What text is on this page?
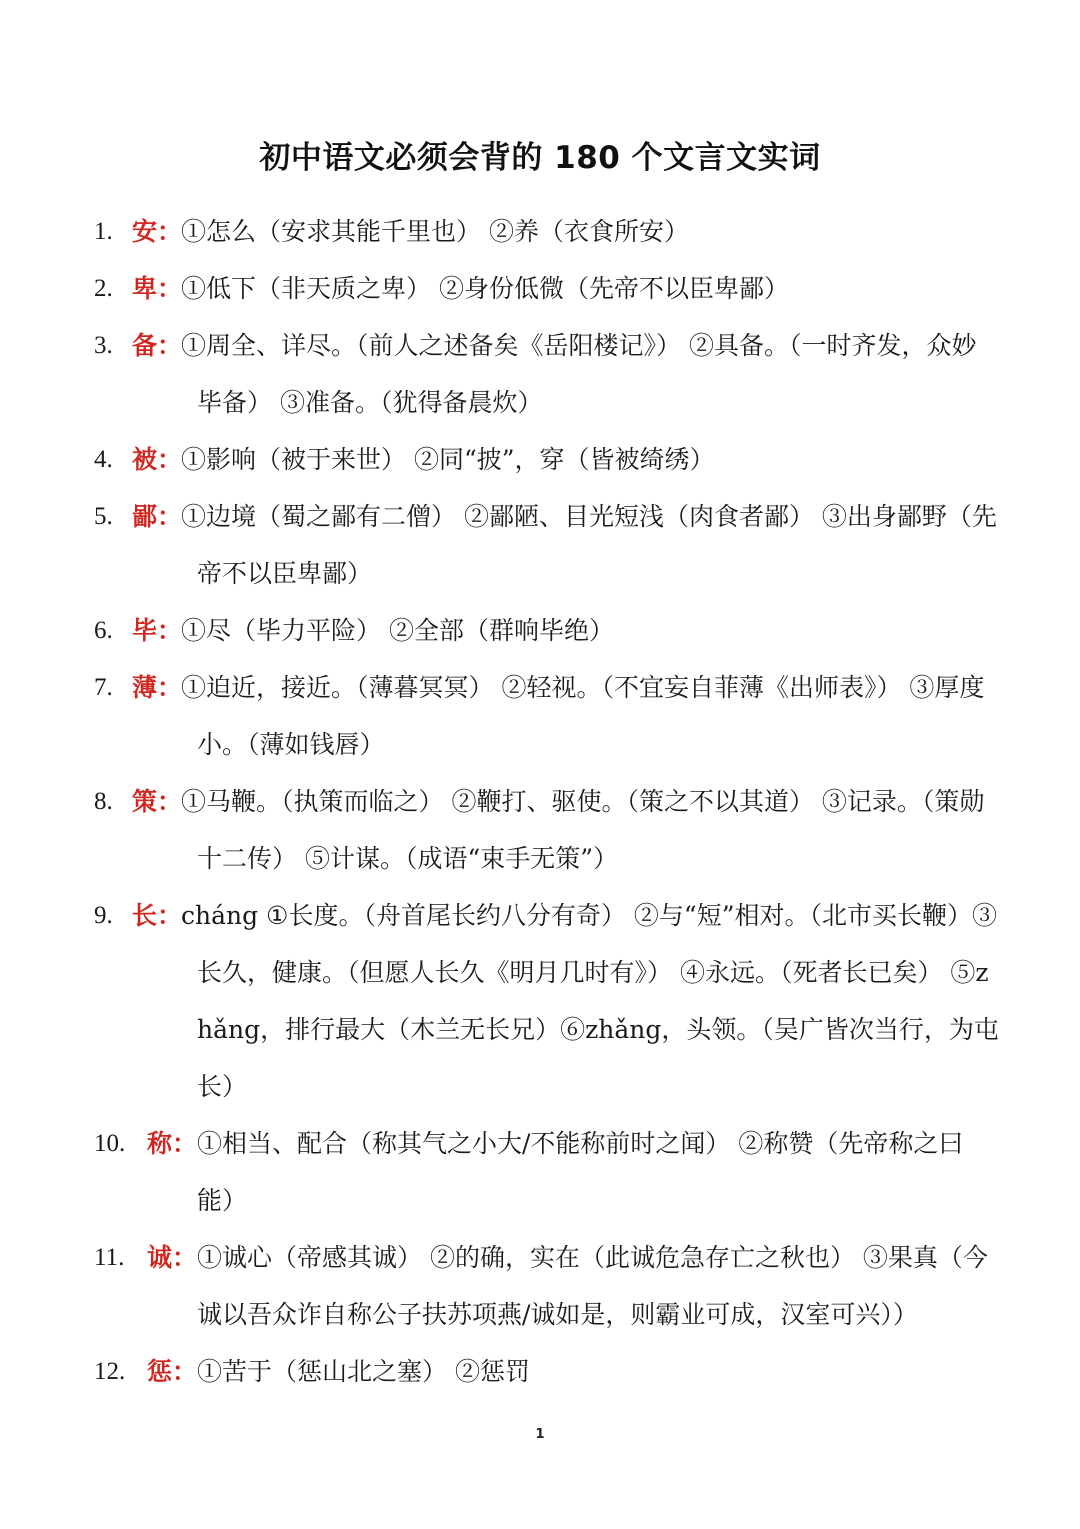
初中语文必须会背的 180 个文言文实词
1. 安：
①怎么（安求其能千里也） ②养（衣食所安）
2. 卑：
①低下（非天质之卑） ②身份低微（先帝不以臣卑鄙）
3. 备：
①周全、详尽。（前人之述备矣《岳阳楼记》） ②具备。（一时齐发，众妙毕备） ③准备。（犹得备晨炊）
4. 被：
①影响（被于来世） ②同“披”，穿（皆被绮绣）
5. 鄙：
①边境（蜀之鄙有二僧） ②鄙陋、目光短浅（肉食者鄙） ③出身鄙野（先帝不以臣卑鄙）
6. 毕：
①尽（毕力平险） ②全部（群响毕绝）
7. 薄：
①迫近，接近。（薄暮冥冥） ②轻视。（不宜妄自菲薄《出师表》） ③厚度小。（薄如钱唇）
8. 策：
①马鞭。（执策而临之） ②鞭打、驱使。（策之不以其道） ③记录。（策勋十二传） ⑤计谋。（成语“束手无策”）
9. 长：
cháng ①长度。（舟首尾长约八分有奇） ②与“短”相对。（北市买长鞭）③长久，健康。（但愿人长久《明月几时有》） ④永远。（死者长已矣） ⑤zhǎng，排行最大（木兰无长兄）⑥zhǎng，头领。（吴广皆次当行，为屯长）
10. 称： ①相当、配合（称其气之小大/不能称前时之闻） ②称赞（先帝称之曰能）
11. 诚： ①诚心（帝感其诚） ②的确，实在（此诚危急存亡之秋也） ③果真（今诚以吾众诈自称公子扶苏项燕/诚如是，则霸业可成，汉室可兴））
12. 惩： ①苦于（惩山北之塞） ②惩罚
1
